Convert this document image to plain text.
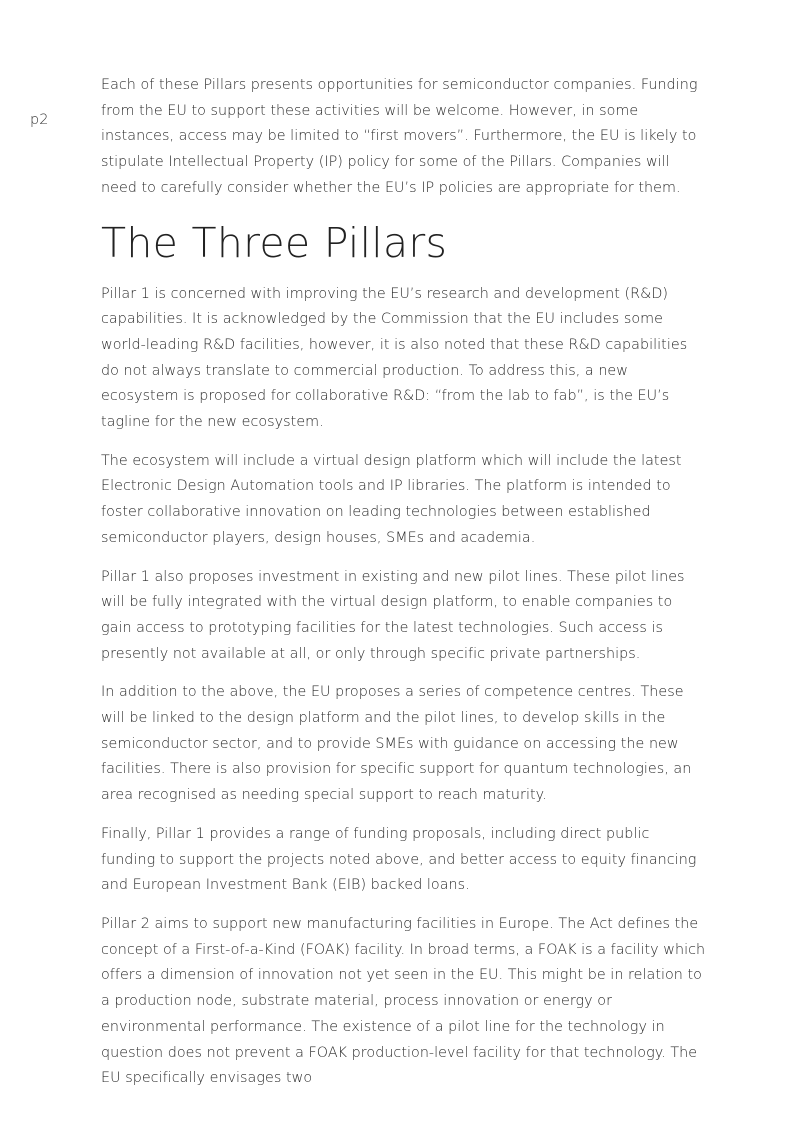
p2

Each of these Pillars presents opportunities for semiconductor companies. Funding from the EU to support these activities will be welcome. However, in some instances, access may be limited to “first movers”. Furthermore, the EU is likely to stipulate Intellectual Property (IP) policy for some of the Pillars. Companies will need to carefully consider whether the EU’s IP policies are appropriate for them.

The Three Pillars

Pillar 1 is concerned with improving the EU’s research and development (R&D) capabilities. It is acknowledged by the Commission that the EU includes some world-leading R&D facilities, however, it is also noted that these R&D capabilities do not always translate to commercial production. To address this, a new ecosystem is proposed for collaborative R&D: “from the lab to fab”, is the EU’s tagline for the new ecosystem.

The ecosystem will include a virtual design platform which will include the latest Electronic Design Automation tools and IP libraries. The platform is intended to foster collaborative innovation on leading technologies between established semiconductor players, design houses, SMEs and academia.

Pillar 1 also proposes investment in existing and new pilot lines. These pilot lines will be fully integrated with the virtual design platform, to enable companies to gain access to prototyping facilities for the latest technologies. Such access is presently not available at all, or only through specific private partnerships.

In addition to the above, the EU proposes a series of competence centres. These will be linked to the design platform and the pilot lines, to develop skills in the semiconductor sector, and to provide SMEs with guidance on accessing the new facilities. There is also provision for specific support for quantum technologies, an area recognised as needing special support to reach maturity.

Finally, Pillar 1 provides a range of funding proposals, including direct public funding to support the projects noted above, and better access to equity financing and European Investment Bank (EIB) backed loans.

Pillar 2 aims to support new manufacturing facilities in Europe. The Act defines the concept of a First-of-a-Kind (FOAK) facility. In broad terms, a FOAK is a facility which offers a dimension of innovation not yet seen in the EU. This might be in relation to a production node, substrate material, process innovation or energy or environmental performance. The existence of a pilot line for the technology in question does not prevent a FOAK production-level facility for that technology. The EU specifically envisages two
